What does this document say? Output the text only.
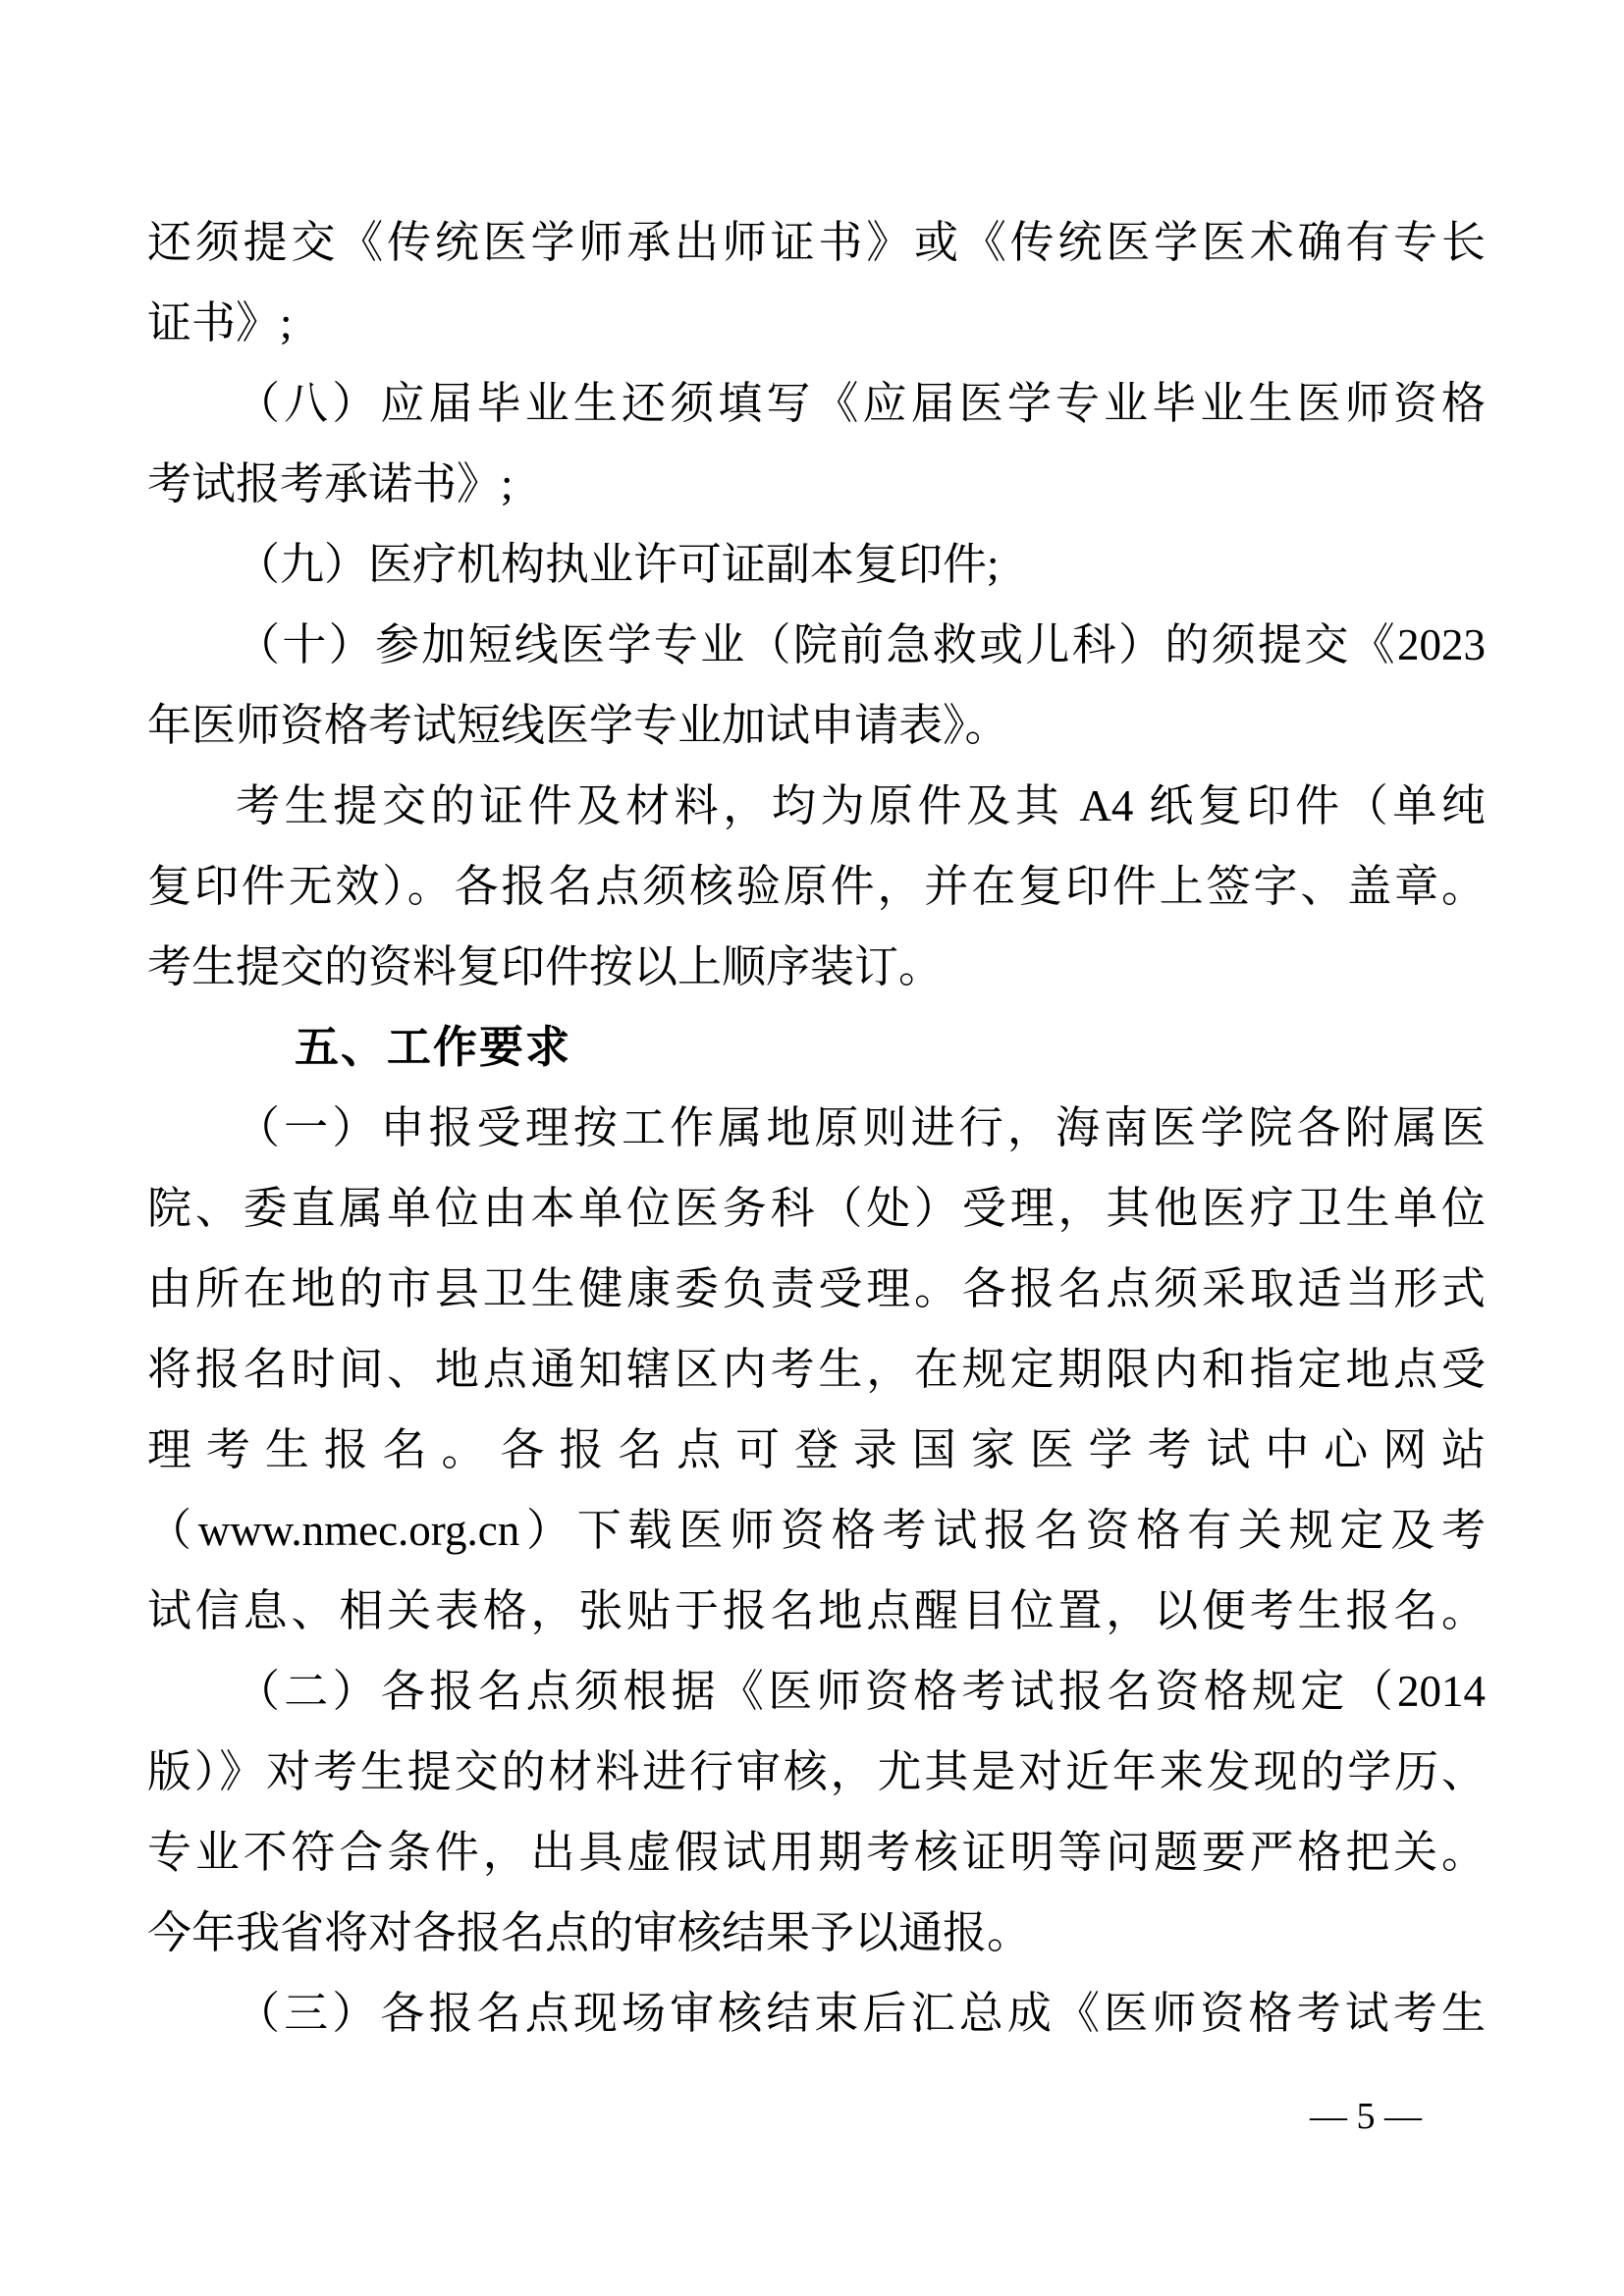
还须提交《传统医学师承出师证书》或《传统医学医术确有专长
证书》;
（八）应届毕业生还须填写《应届医学专业毕业生医师资格
考试报考承诺书》;
（九）医疗机构执业许可证副本复印件;
（十）参加短线医学专业（院前急救或儿科）的须提交《2023
年医师资格考试短线医学专业加试申请表》。
考生提交的证件及材料，均为原件及其 A4 纸复印件（单纯
复印件无效）。各报名点须核验原件，并在复印件上签字、盖章。
考生提交的资料复印件按以上顺序装订。
五、工作要求
（一）申报受理按工作属地原则进行，海南医学院各附属医
院、委直属单位由本单位医务科（处）受理，其他医疗卫生单位
由所在地的市县卫生健康委负责受理。各报名点须采取适当形式
将报名时间、地点通知辖区内考生，在规定期限内和指定地点受
理考生报名。各报名点可登录国家医学考试中心网站
（www.nmec.org.cn）下载医师资格考试报名资格有关规定及考
试信息、相关表格，张贴于报名地点醒目位置，以便考生报名。
（二）各报名点须根据《医师资格考试报名资格规定（2014
版）》对考生提交的材料进行审核，尤其是对近年来发现的学历、
专业不符合条件，出具虚假试用期考核证明等问题要严格把关。
今年我省将对各报名点的审核结果予以通报。
（三）各报名点现场审核结束后汇总成《医师资格考试考生
— 5 —
